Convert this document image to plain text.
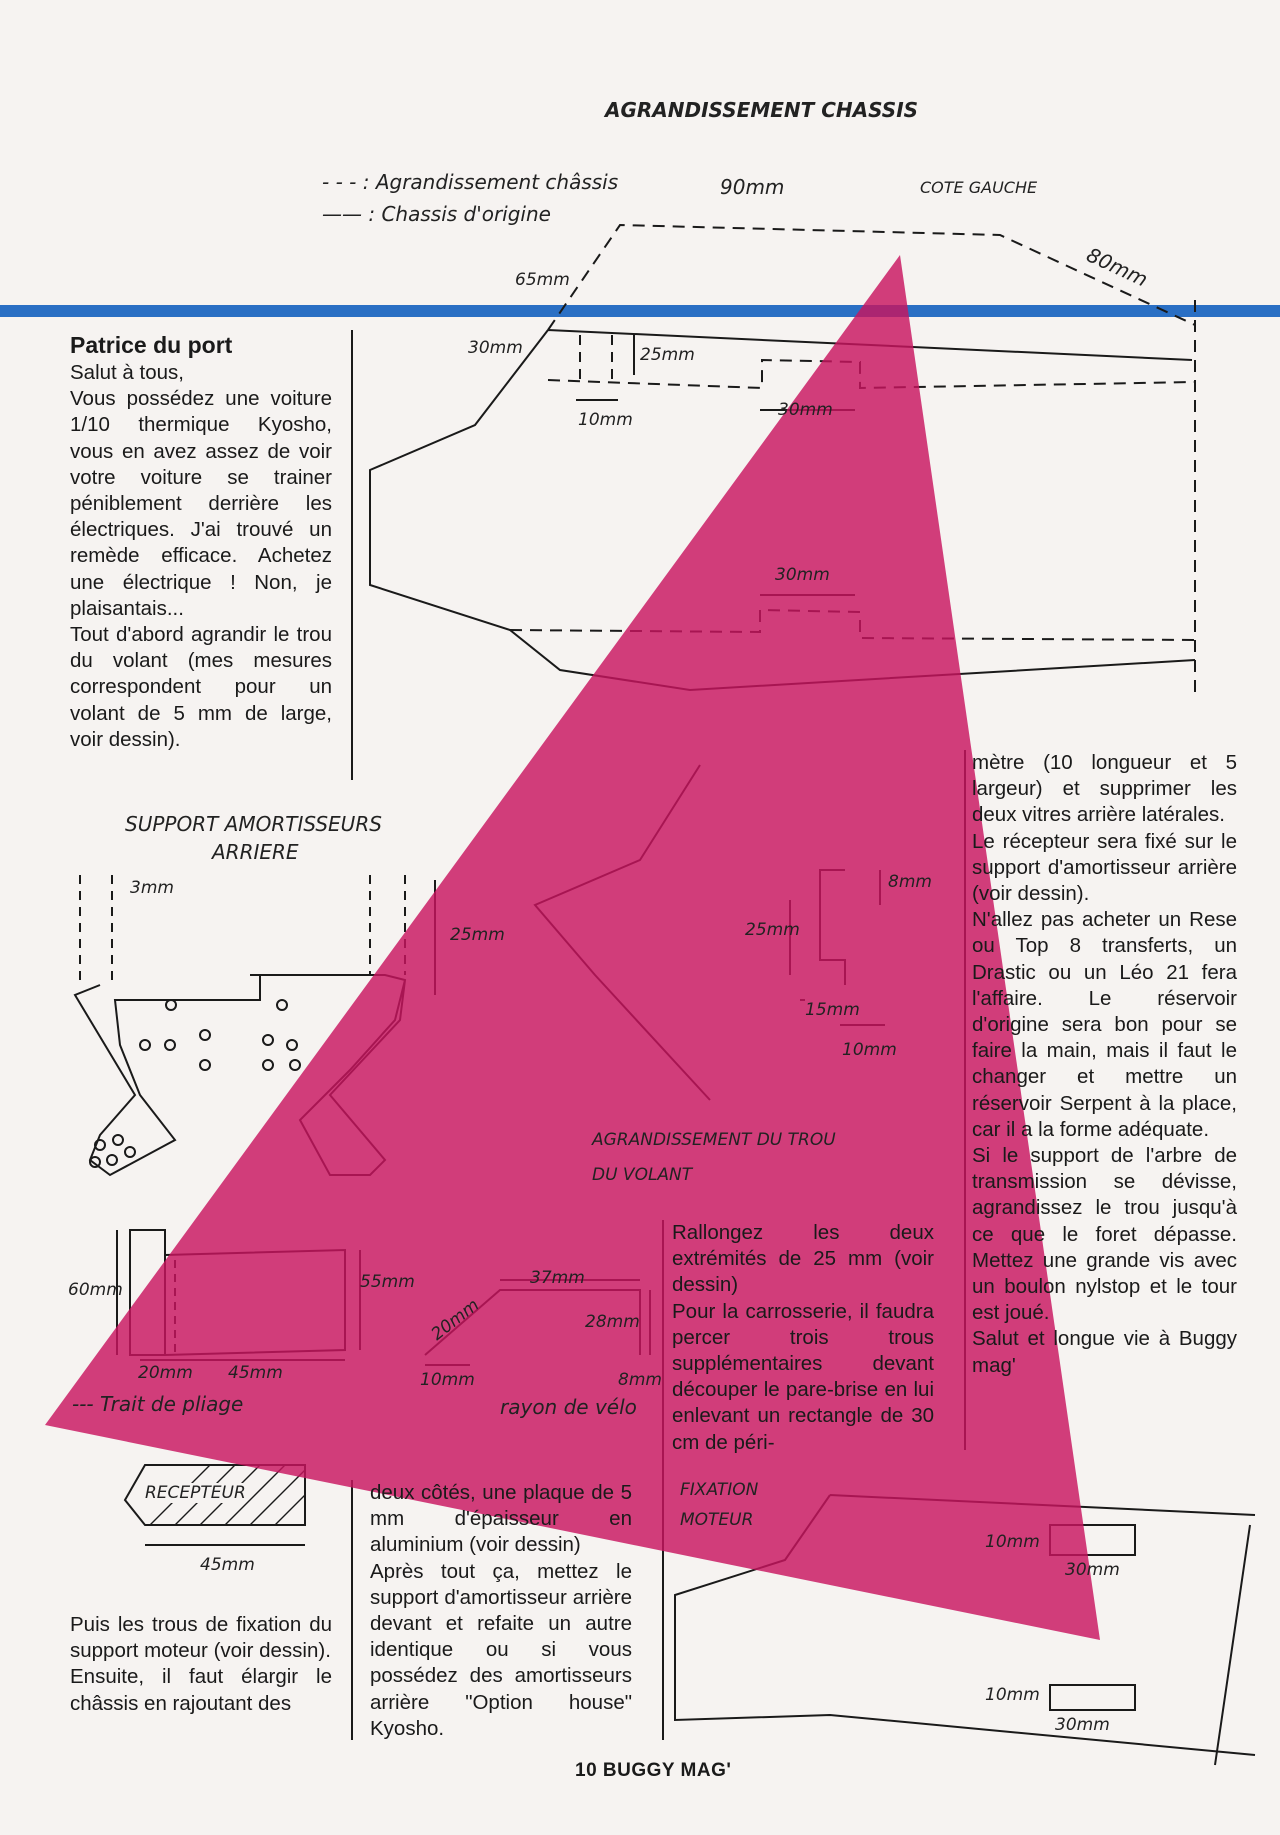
AGRANDISSEMENT CHASSIS
- - - : Agrandissement châssis
—— : Chassis d'origine
COTE GAUCHE
90mm
80mm
65mm
30mm	25mm
10mm	30mm
30mm
SUPPORT AMORTISSEURS
ARRIERE
3mm
25mm
8mm
25mm
15mm
10mm
AGRANDISSEMENT DU TROU
DU VOLANT
60mm	55mm
20mm 45mm
--- Trait de pliage
37mm
20mm	28mm
10mm	8mm
rayon de vélo
RECEPTEUR
45mm
FIXATION
MOTEUR
10mm
30mm
10mm
30mm
Patrice du port

Salut à tous,

Vous possédez une voiture 1/10 thermique Kyosho, vous en avez assez de voir votre voiture se trainer péniblement derrière les électriques. J'ai trouvé un remède efficace. Achetez une électrique ! Non, je plaisantais...

Tout d'abord agrandir le trou du volant (mes mesures correspondent pour un volant de 5 mm de large, voir dessin).

Puis les trous de fixation du support moteur (voir dessin).

Ensuite, il faut élargir le châssis en rajoutant des

deux côtés, une plaque de 5 mm d'épaisseur en aluminium (voir dessin)

Après tout ça, mettez le support d'amortisseur arrière devant et refaite un autre identique ou si vous possédez des amortisseurs arrière "Option house" Kyosho.

Rallongez les deux extrémités de 25 mm (voir dessin)

Pour la carrosserie, il faudra percer trois trous supplémentaires devant découper le pare-brise en lui enlevant un rectangle de 30 cm de péri-

mètre (10 longueur et 5 largeur) et supprimer les deux vitres arrière latérales.

Le récepteur sera fixé sur le support d'amortisseur arrière (voir dessin).

N'allez pas acheter un Rese ou Top 8 transferts, un Drastic ou un Léo 21 fera l'affaire. Le réservoir d'origine sera bon pour se faire la main, mais il faut le changer et mettre un réservoir Serpent à la place, car il a la forme adéquate.

Si le support de l'arbre de transmission se dévisse, agrandissez le trou jusqu'à ce que le foret dépasse. Mettez une grande vis avec un boulon nylstop et le tour est joué.

Salut et longue vie à Buggy mag'

10 BUGGY MAG'
